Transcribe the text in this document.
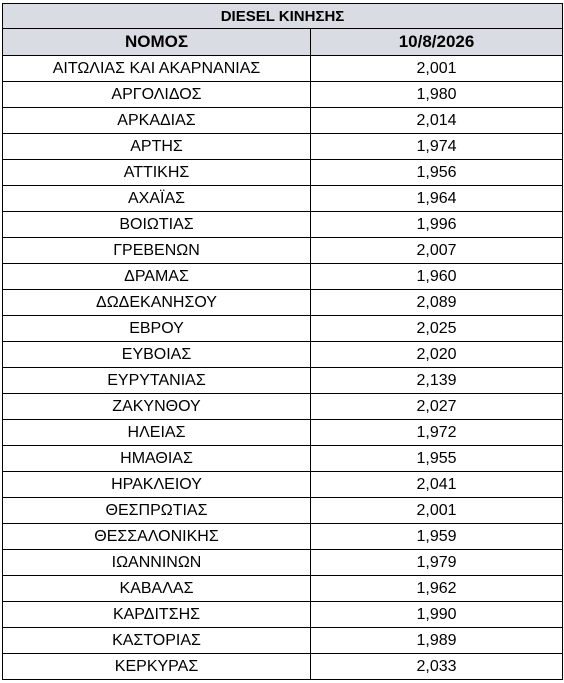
DIESEL ΚΙΝΗΣΗΣ	
ΝΟΜΟΣ	10/8/2026
ΑΙΤΩΛΙΑΣ ΚΑΙ ΑΚΑΡΝΑΝΙΑΣ	2,001
ΑΡΓΟΛΙΔΟΣ	1,980
ΑΡΚΑΔΙΑΣ	2,014
ΑΡΤΗΣ	1,974
ΑΤΤΙΚΗΣ	1,956
ΑΧΑΪΑΣ	1,964
ΒΟΙΩΤΙΑΣ	1,996
ΓΡΕΒΕΝΩΝ	2,007
ΔΡΑΜΑΣ	1,960
ΔΩΔΕΚΑΝΗΣΟΥ	2,089
ΕΒΡΟΥ	2,025
ΕΥΒΟΙΑΣ	2,020
ΕΥΡΥΤΑΝΙΑΣ	2,139
ΖΑΚΥΝΘΟΥ	2,027
ΗΛΕΙΑΣ	1,972
ΗΜΑΘΙΑΣ	1,955
ΗΡΑΚΛΕΙΟΥ	2,041
ΘΕΣΠΡΩΤΙΑΣ	2,001
ΘΕΣΣΑΛΟΝΙΚΗΣ	1,959
ΙΩΑΝΝΙΝΩΝ	1,979
ΚΑΒΑΛΑΣ	1,962
ΚΑΡΔΙΤΣΗΣ	1,990
ΚΑΣΤΟΡΙΑΣ	1,989
ΚΕΡΚΥΡΑΣ	2,033
